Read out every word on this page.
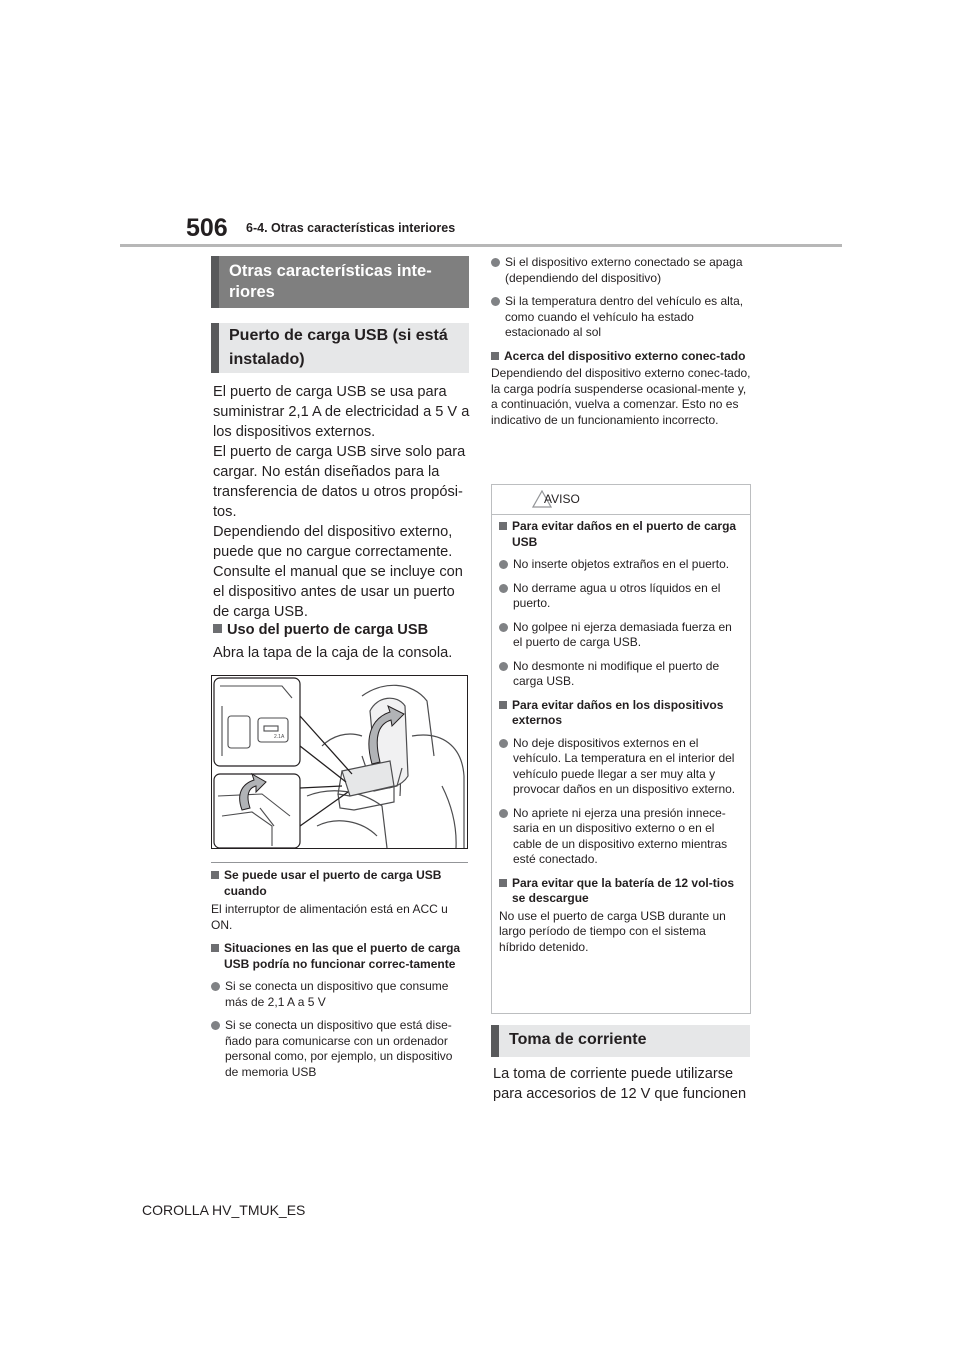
506 6-4. Otras características interiores
Otras características inte-
riores
Puerto de carga USB (si está instalado)
El puerto de carga USB se usa para
suministrar 2,1 A de electricidad a 5 V a
los dispositivos externos.
El puerto de carga USB sirve solo para
cargar. No están diseñados para la
transferencia de datos u otros propósi-
tos.
Dependiendo del dispositivo externo,
puede que no cargue correctamente.
Consulte el manual que se incluye con
el dispositivo antes de usar un puerto
de carga USB.
Uso del puerto de carga USB
Abra la tapa de la caja de la consola.
2.1A
Se puede usar el puerto de carga USB cuando
El interruptor de alimentación está en ACC u ON.
Situaciones en las que el puerto de carga USB podría no funcionar correc-tamente
Si se conecta un dispositivo que consume más de 2,1 A a 5 V
Si se conecta un dispositivo que está dise-ñado para comunicarse con un ordenador personal como, por ejemplo, un dispositivo de memoria USB
Si el dispositivo externo conectado se apaga (dependiendo del dispositivo)
Si la temperatura dentro del vehículo es alta, como cuando el vehículo ha estado estacionado al sol
Acerca del dispositivo externo conec-tado
Dependiendo del dispositivo externo conec-tado, la carga podría suspenderse ocasional-mente y, a continuación, vuelva a comenzar. Esto no es indicativo de un funcionamiento incorrecto.
AVISO
Para evitar daños en el puerto de carga USB
No inserte objetos extraños en el puerto.
No derrame agua u otros líquidos en el puerto.
No golpee ni ejerza demasiada fuerza en el puerto de carga USB.
No desmonte ni modifique el puerto de carga USB.
Para evitar daños en los dispositivos externos
No deje dispositivos externos en el vehículo. La temperatura en el interior del vehículo puede llegar a ser muy alta y provocar daños en un dispositivo externo.
No apriete ni ejerza una presión innece-saria en un dispositivo externo o en el cable de un dispositivo externo mientras esté conectado.
Para evitar que la batería de 12 vol-tios se descargue
No use el puerto de carga USB durante un largo período de tiempo con el sistema híbrido detenido.
Toma de corriente
La toma de corriente puede utilizarse
para accesorios de 12 V que funcionen
COROLLA HV_TMUK_ES
